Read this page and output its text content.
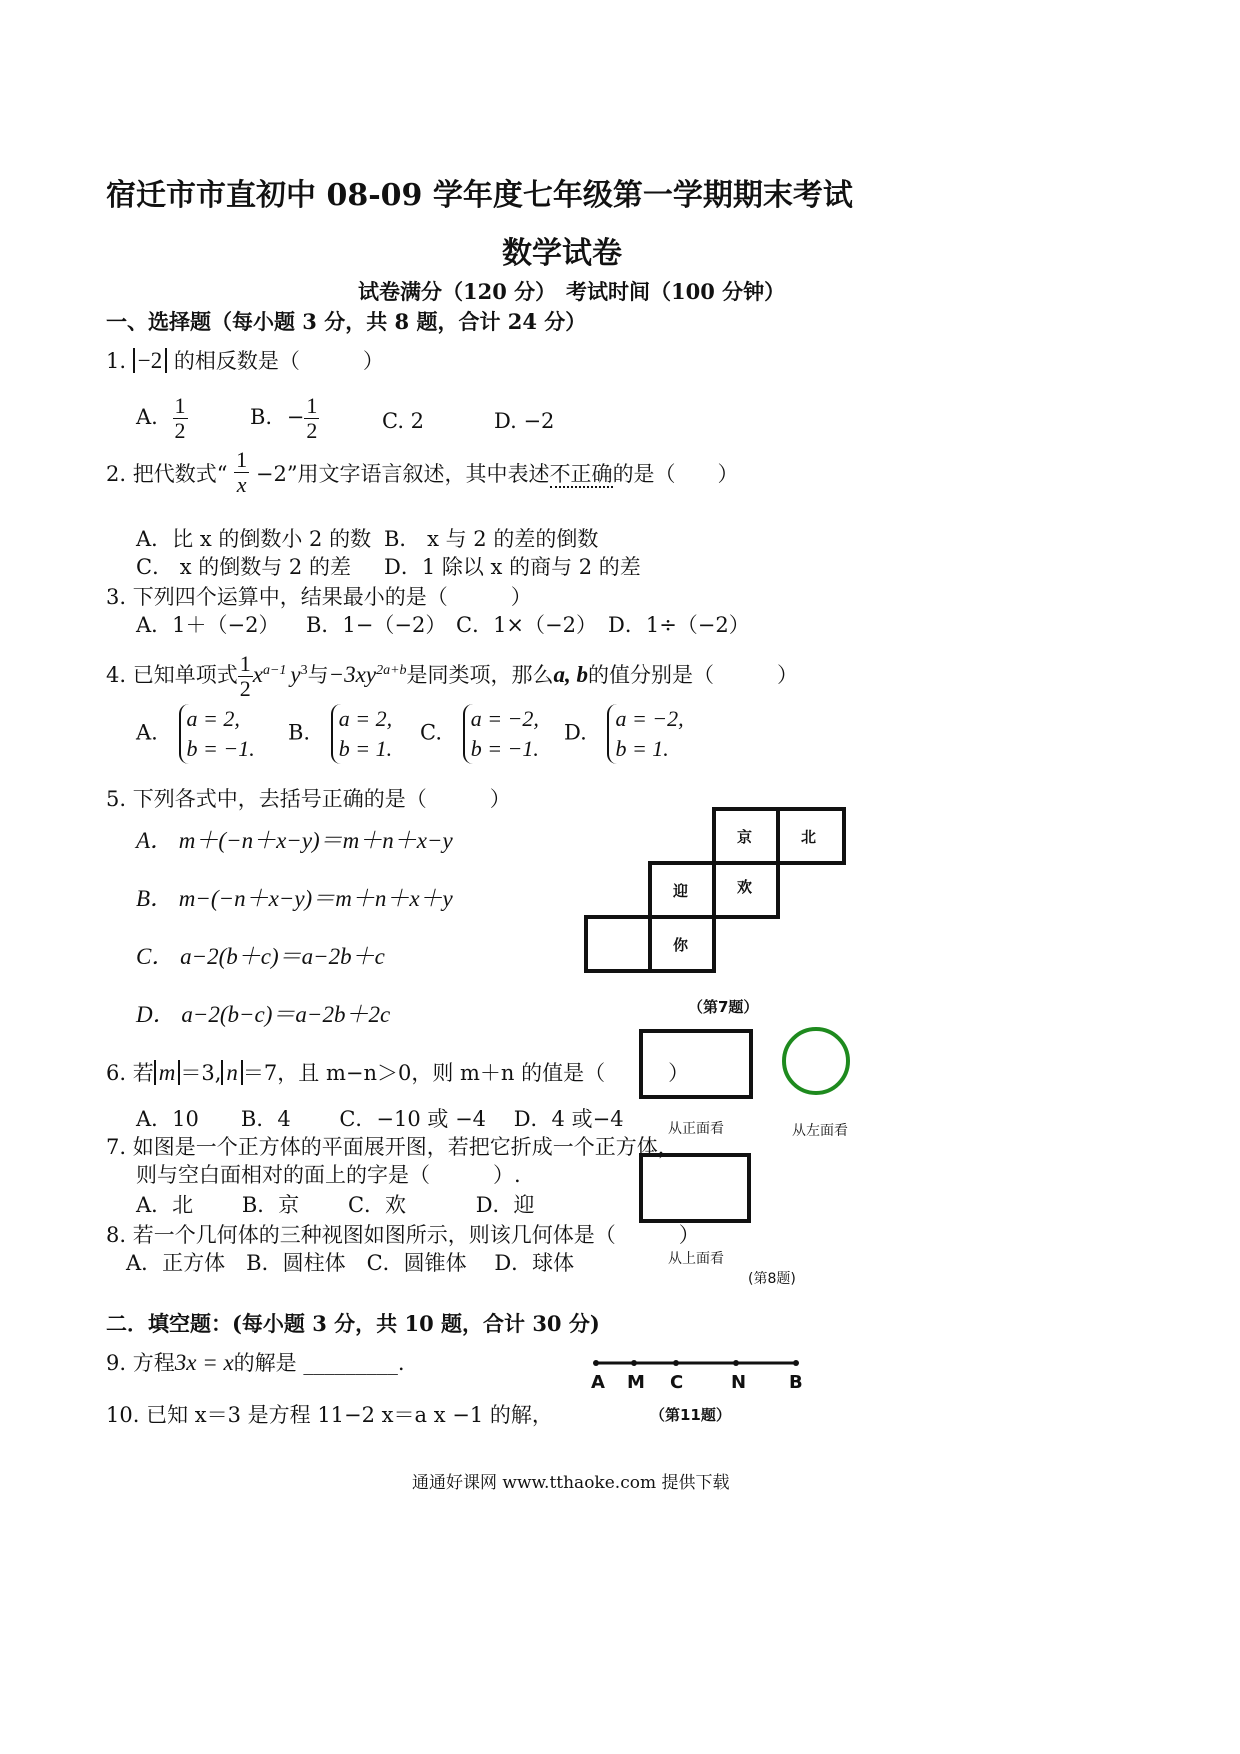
宿迁市市直初中 08-09 学年度七年级第一学期期末考试
数学试卷
试卷满分（120 分） 考试时间（100 分钟）
一、选择题（每小题 3 分，共 8 题，合计 24 分）
1. −2 的相反数是（　　　）
A. $\frac{1}{2}$	B. − $\frac{1}{2}$	C. 2	D. −2
2. 把代数式“ $\frac{1}{x} -2$”用文字语言叙述，其中表述不正确的是（　　）
A．比 x 的倒数小 2 的数 B． x 与 2 的差的倒数
C． x 的倒数与 2 的差 D．1 除以 x 的商与 2 的差
3. 下列四个运算中，结果最小的是（　　　）
A．1＋（−2） B．1−（−2） C．1×（−2） D．1÷（−2）
4. 已知单项式 $\frac{1}{2} x^{a-1}$ $y^3$与$-3xy^{2a+b}$是同类项，那么a, b的值分别是（　　　）
A.
a = 2,
b = −1.
B.
a = 2,
b = 1.
C.
a = −2,
b = −1.
D.
a = −2,
b = 1.
5. 下列各式中，去括号正确的是（　　　）
A． m＋(−n＋x−y)＝m＋n＋x−y
B． m−(−n＋x−y)＝m＋n＋x＋y
C． a−2(b＋c)＝a−2b＋c
D． a−2(b−c)＝a−2b＋2c
6. 若 m ＝3, n ＝7，且 m−n＞0，则 m＋n 的值是（　　　）
A．10　　B．4　　 C．−10 或 −4　 D．4 或−4
7. 如图是一个正方体的平面展开图，若把它折成一个正方体，
则与空白面相对的面上的字是（　　　）.
A．北　　 B．京　　 C．欢　　　 D．迎
8. 若一个几何体的三种视图如图所示，则该几何体是（　　　）
A．正方体　B．圆柱体　C．圆锥体　 D．球体
二．填空题：(每小题 3 分，共 10 题，合计 30 分)
9. 方程3x = x的解是 _________.
10. 已知 x＝3 是方程 11−2 x＝a x −1 的解，
京	北
迎	欢
你
（第7题）
从正面看	从左面看
从上面看
(第8题)
A M C	N B
（第11题）
通通好课网 www.tthaoke.com 提供下载
